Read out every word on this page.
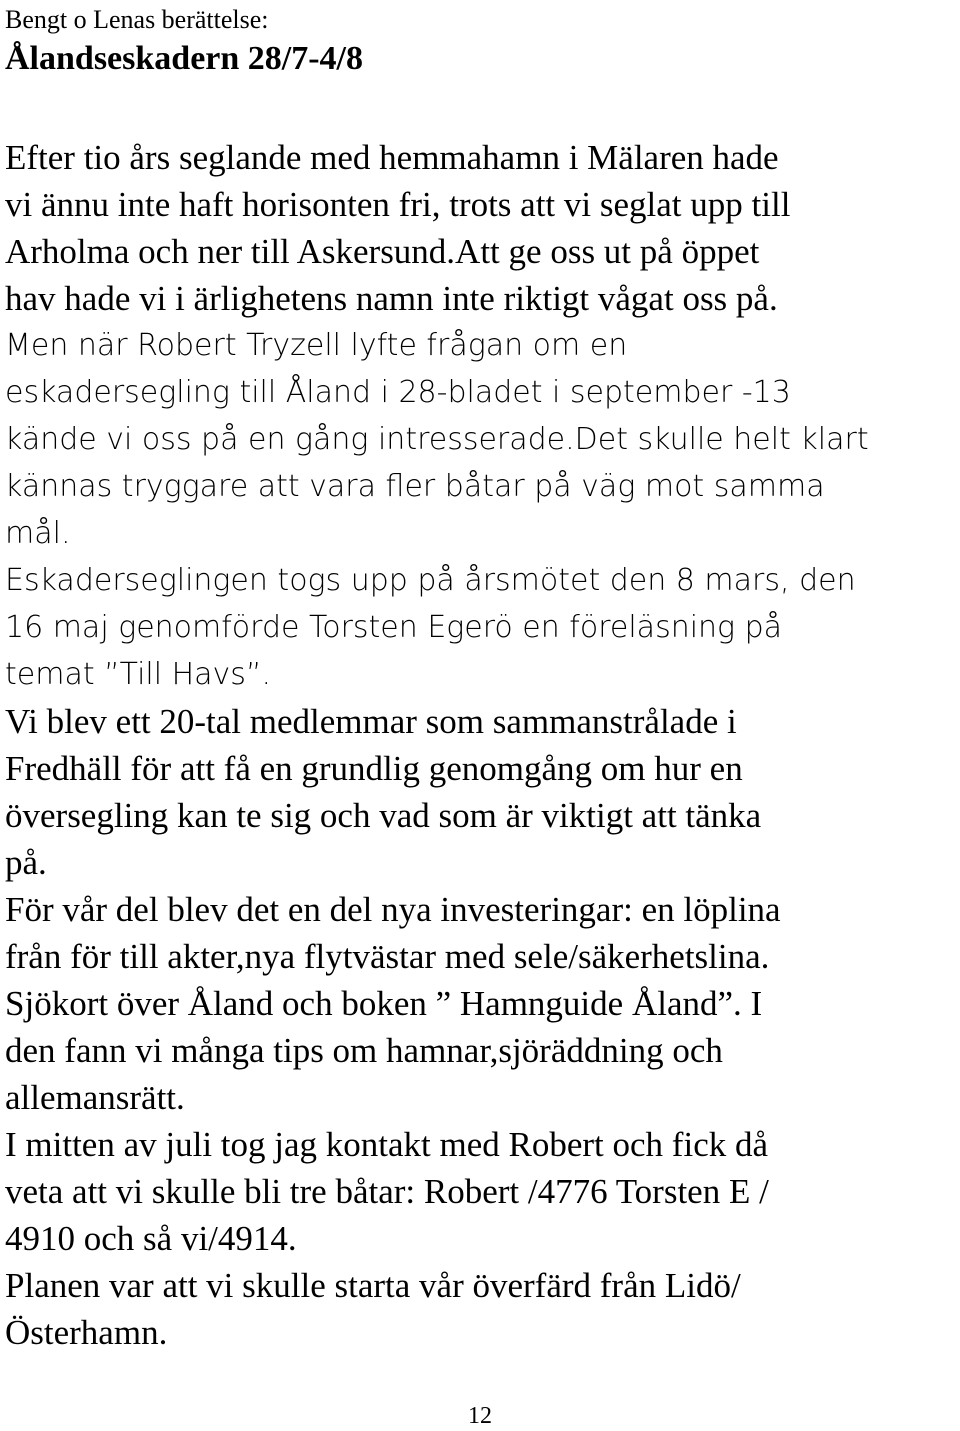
Bengt o Lenas berättelse:
Ålandseskadern 28/7-4/8
Efter tio års seglande med hemmahamn i Mälaren hade
vi ännu inte haft horisonten fri, trots att vi seglat upp till
Arholma och ner till Askersund.Att ge oss ut på öppet
hav hade vi i ärlighetens namn inte riktigt vågat oss på.
Men när Robert Tryzell lyfte frågan om en
eskadersegling till Åland i 28-bladet i september -13
kände vi oss på en gång intresserade.Det skulle helt klart
kännas tryggare att vara fler båtar på väg mot samma
mål.
Eskaderseglingen togs upp på årsmötet den 8 mars, den
16 maj genomförde Torsten Egerö en föreläsning på
temat ”Till Havs”.
Vi blev ett 20-tal medlemmar som sammanstrålade i
Fredhäll för att få en grundlig genomgång om hur en
översegling kan te sig och vad som är viktigt att tänka
på.
För vår del blev det en del nya investeringar: en löplina
från för till akter,nya flytvästar med sele/säkerhetslina.
Sjökort över Åland och boken ” Hamnguide Åland”. I
den fann vi många tips om hamnar,sjöräddning och
allemansrätt.
I mitten av juli tog jag kontakt med Robert och fick då
veta att vi skulle bli tre båtar: Robert /4776 Torsten E /
4910 och så vi/4914.
Planen var att vi skulle starta vår överfärd från Lidö/
Österhamn.
12
